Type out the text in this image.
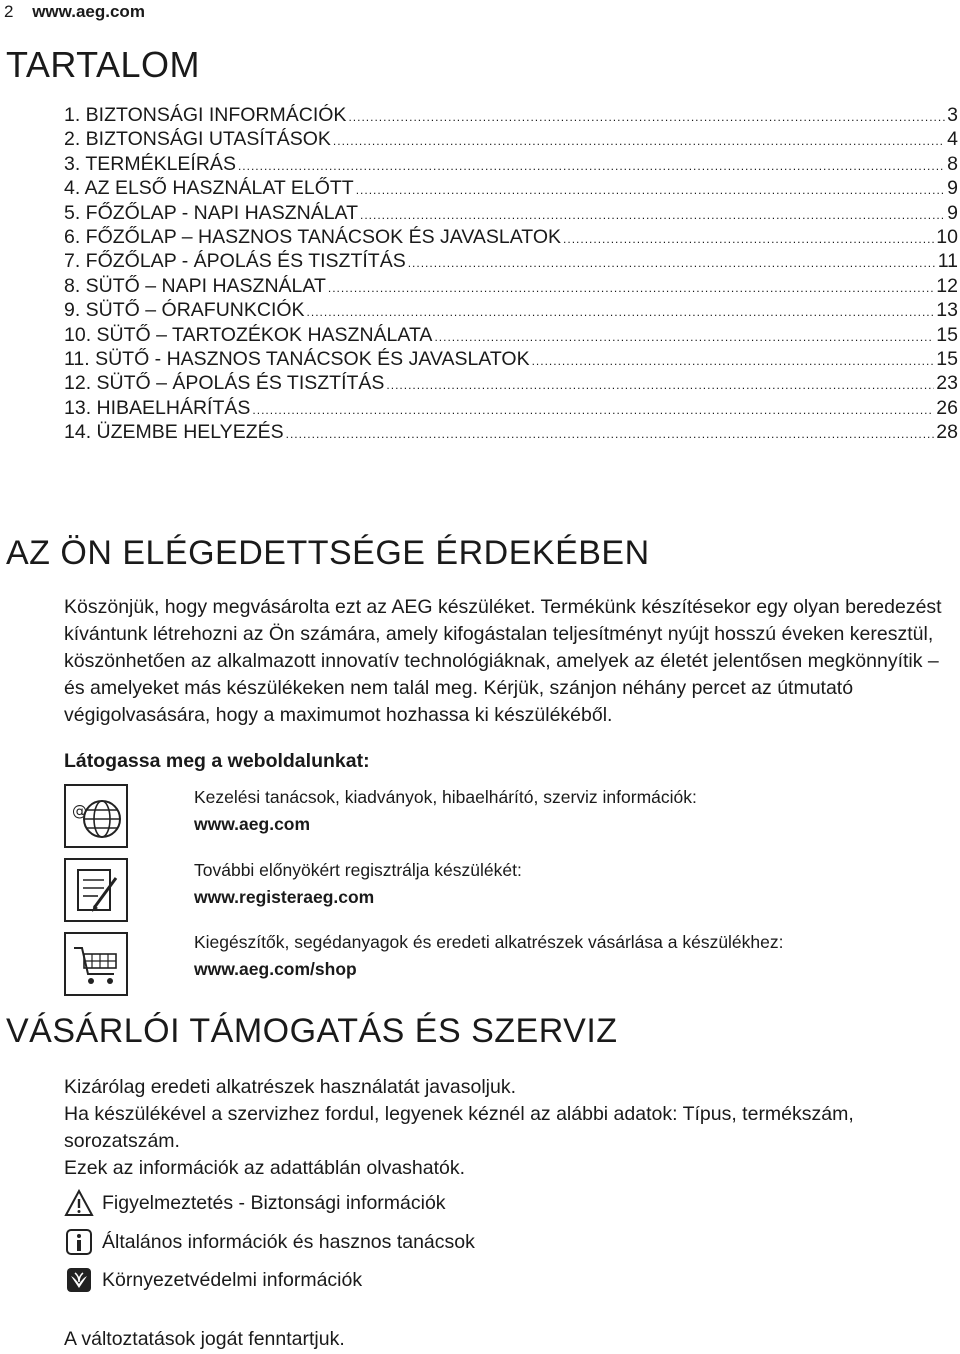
2 www.aeg.com
TARTALOM
1. BIZTONSÁGI INFORMÁCIÓK .....	3
2. BIZTONSÁGI UTASÍTÁSOK .....	4
3. TERMÉKLEÍRÁS .....	8
4. AZ ELSŐ HASZNÁLAT ELŐTT .....	9
5. FŐZŐLAP - NAPI HASZNÁLAT .....	9
6. FŐZŐLAP – HASZNOS TANÁCSOK ÉS JAVASLATOK .....	10
7. FŐZŐLAP - ÁPOLÁS ÉS TISZTÍTÁS .....	11
8. SÜTŐ – NAPI HASZNÁLAT .....	12
9. SÜTŐ – ÓRAFUNKCIÓK .....	13
10. SÜTŐ – TARTOZÉKOK HASZNÁLATA .....	15
11. SÜTŐ - HASZNOS TANÁCSOK ÉS JAVASLATOK .....	15
12. SÜTŐ – ÁPOLÁS ÉS TISZTÍTÁS .....	23
13. HIBAELHÁRÍTÁS .....	26
14. ÜZEMBE HELYEZÉS .....	28
AZ ÖN ELÉGEDETTSÉGE ÉRDEKÉBEN

Köszönjük, hogy megvásárolta ezt az AEG készüléket. Termékünk készítésekor egy olyan beredezést kívántunk létrehozni az Ön számára, amely kifogástalan teljesítményt nyújt hosszú éveken keresztül, köszönhetően az alkalmazott innovatív technológiáknak, amelyek az életét jelentősen megkönnyítik – és amelyeket más készülékeken nem talál meg. Kérjük, szánjon néhány percet az útmutató végigolvasására, hogy a maximumot hozhassa ki készülékéből.

Látogassa meg a weboldalunkat:

@
Kezelési tanácsok, kiadványok, hibaelhárító, szerviz információk:
www.aeg.com
További előnyökért regisztrálja készülékét:
www.registeraeg.com
Kiegészítők, segédanyagok és eredeti alkatrészek vásárlása a készülékhez:
www.aeg.com/shop
VÁSÁRLÓI TÁMOGATÁS ÉS SZERVIZ
Kizárólag eredeti alkatrészek használatát javasoljuk.
Ha készülékével a szervizhez fordul, legyenek kéznél az alábbi adatok: Típus, termékszám, sorozatszám.
Ezek az információk az adattáblán olvashatók.
Figyelmeztetés - Biztonsági információk
Általános információk és hasznos tanácsok
Környezetvédelmi információk
A változtatások jogát fenntartjuk.
